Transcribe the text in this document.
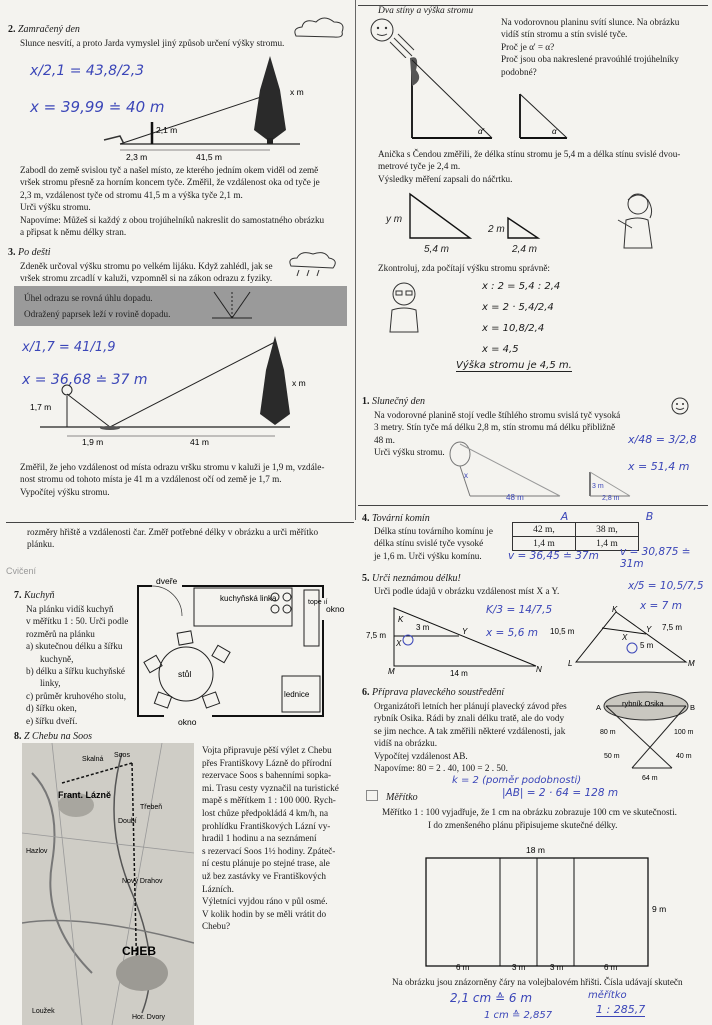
2. Zamračený den
Slunce nesvítí, a proto Jarda vymyslel jiný způsob určení výšky stromu.
x/2,1 = 43,8/2,3
x = 39,99 ≐ 40 m
2,3 m	41,5 m
2,1 m
x m
Zabodl do země svislou tyč a našel místo, ze kterého jedním okem viděl od země
vršek stromu přesně za horním koncem tyče. Změřil, že vzdálenost oka od tyče je
2,3 m, vzdálenost tyče od stromu 41,5 m a výška tyče 2,1 m.
Urči výšku stromu.
Napovíme: Můžeš si každý z obou trojúhelníků nakreslit do samostatného obrázku
a připsat k němu délky stran.
3. Po dešti
Zdeněk určoval výšku stromu po velkém lijáku. Když zahlédl, jak se
vršek stromu zrcadlí v kaluži, vzpomněl si na zákon odrazu z fyziky.
Úhel odrazu se rovná úhlu dopadu.
Odražený paprsek leží v rovině dopadu.
x/1,7 = 41/1,9
x = 36,68 ≐ 37 m
1,9 m	41 m
1,7 m
x m
Změřil, že jeho vzdálenost od místa odrazu vršku stromu v kaluži je 1,9 m, vzdále-
nost stromu od tohoto místa je 41 m a vzdálenost očí od země je 1,7 m.
Vypočítej výšku stromu.
rozměry hřiště a vzdálenosti čar. Změř potřebné délky v obrázku a urči měřítko
plánku.
Cvičení
7. Kuchyň
Na plánku vidíš kuchyň
v měřítku 1 : 50. Urči podle
rozměrů na plánku
a) skutečnou délku a šířku
kuchyně,
b) délku a šířku kuchyňské
linky,
c) průměr kruhového stolu,
d) šířku oken,
e) šířku dveří.
dveře
kuchyňská linka	topení
okno
stůl
lednice
okno
8. Z Chebu na Soos
Frant. Lázně
CHEB
Soos
Třebeň
Skalná
Nový Drahov
Hazlov
Hor. Dvory
Doubí
Loužek
Vojta připravuje pěší výlet z Chebu
přes Františkovy Lázně do přírodní
rezervace Soos s bahenními sopka-
mi. Trasu cesty vyznačil na turistické
mapě s měřítkem 1 : 100 000. Rych-
lost chůze předpokládá 4 km/h, na
prohlídku Františkových Lázní vy-
hradil 1 hodinu a na seznámení
s rezervací Soos 1½ hodiny. Zpáteč-
ní cestu plánuje po stejné trase, ale
už bez zastávky ve Františkových
Lázních.
Výletníci vyjdou ráno v půl osmé.
V kolik hodin by se měli vrátit do
Chebu?
Dva stíny a výška stromu
Na vodorovnou planinu svítí slunce. Na obrázku
vidíš stín stromu a stín svislé tyče.
Proč je α' = α?
Proč jsou oba nakreslené pravoúhlé trojúhelníky
podobné?
α'	α
Anička s Čendou změřili, že délka stínu stromu je 5,4 m a délka stínu svislé dvou-
metrové tyče je 2,4 m.
Výsledky měření zapsali do náčrtku.
y m
2 m
5,4 m	2,4 m
Zkontroluj, zda počítají výšku stromu správně:
x : 2 = 5,4 : 2,4
x = 2 · 5,4/2,4
x = 10,8/2,4
x = 4,5
Výška stromu je 4,5 m.
1. Slunečný den
Na vodorovné planině stojí vedle štíhlého stromu svislá tyč vysoká
3 metry. Stín tyče má délku 2,8 m, stín stromu má délku přibližně
48 m.
Urči výšku stromu.
x/48 = 3/2,8
x = 51,4 m
x
48 m
3 m
2,8 m
4. Tovární komín
Délka stínu továrního komínu je
délka stínu svislé tyče vysoké
je 1,6 m. Urči výšku komínu.
A	B
42 m,	38 m,
1,4 m	1,4 m
v = 36,45 ≐ 37m v = 30,875 ≐ 31m
5. Urči neznámou délku!
Urči podle údajů v obrázku vzdálenost míst X a Y.
K/3 = 14/7,5
x = 5,6 m
x/5 = 10,5/7,5
x = 7 m
7,5 m
3 m
14 m
K
Y
M	N
X
10,5 m	7,5 m
5 m
X
Y
L
K
M
6. Příprava plaveckého soustředění
Organizátoři letních her plánují plavecký závod přes
rybník Osika. Rádi by znali délku tratě, ale do vody
se jim nechce. A tak změřili některé vzdálenosti, jak
vidíš na obrázku.
Vypočítej vzdálenost AB.
Napovíme: 80 = 2 . 40, 100 = 2 . 50.
k = 2 (poměr podobnosti)
|AB| = 2 · 64 = 128 m
rybník Osika
A	B
80 m	100 m
50 m	40 m
64 m
Měřítko
Měřítko 1 : 100 vyjadřuje, že 1 cm na obrázku zobrazuje 100 cm ve skutečnosti.
I do zmenšeného plánu připisujeme skutečné délky.
18 m
9 m
6 m	3 m	3 m	6 m
Na obrázku jsou znázorněny čáry na volejbalovém hřišti. Čísla udávají skutečn
2,1 cm ≙ 6 m
1 cm ≙ 2,857
měřítko
1 : 285,7
